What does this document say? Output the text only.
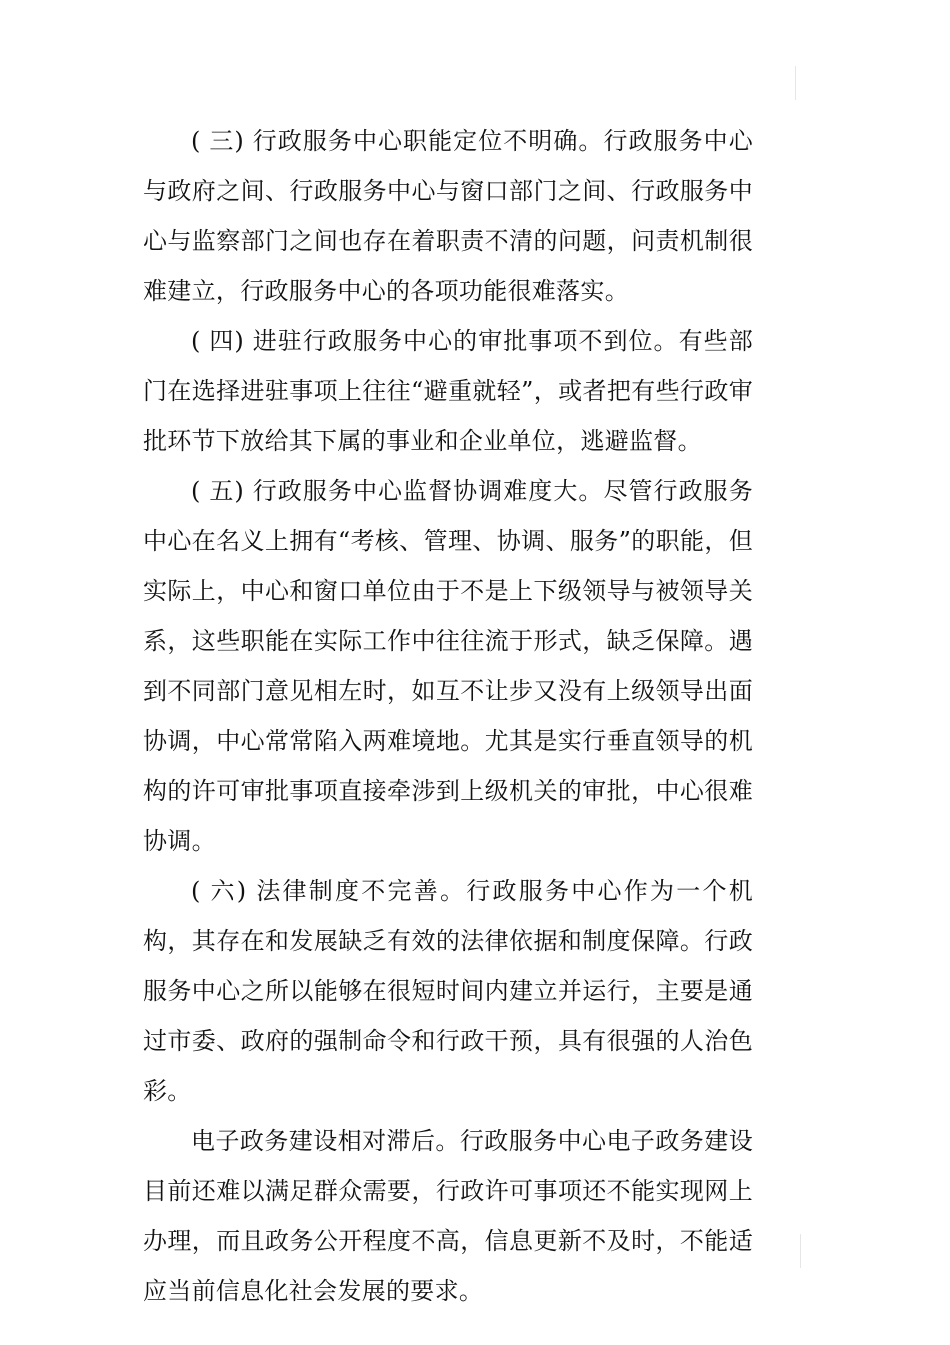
( 三) 行政服务中心职能定位不明确。行政服务中心与政府之间、行政服务中心与窗口部门之间、行政服务中心与监察部门之间也存在着职责不清的问题，问责机制很难建立，行政服务中心的各项功能很难落实。

( 四) 进驻行政服务中心的审批事项不到位。有些部门在选择进驻事项上往往“避重就轻”，或者把有些行政审批环节下放给其下属的事业和企业单位，逃避监督。

( 五) 行政服务中心监督协调难度大。尽管行政服务中心在名义上拥有“考核、管理、协调、服务”的职能，但实际上，中心和窗口单位由于不是上下级领导与被领导关系，这些职能在实际工作中往往流于形式，缺乏保障。遇到不同部门意见相左时，如互不让步又没有上级领导出面协调，中心常常陷入两难境地。尤其是实行垂直领导的机构的许可审批事项直接牵涉到上级机关的审批，中心很难协调。

( 六) 法律制度不完善。行政服务中心作为一个机构，其存在和发展缺乏有效的法律依据和制度保障。行政服务中心之所以能够在很短时间内建立并运行，主要是通过市委、政府的强制命令和行政干预，具有很强的人治色彩。

电子政务建设相对滞后。行政服务中心电子政务建设目前还难以满足群众需要，行政许可事项还不能实现网上办理，而且政务公开程度不高，信息更新不及时，不能适应当前信息化社会发展的要求。
